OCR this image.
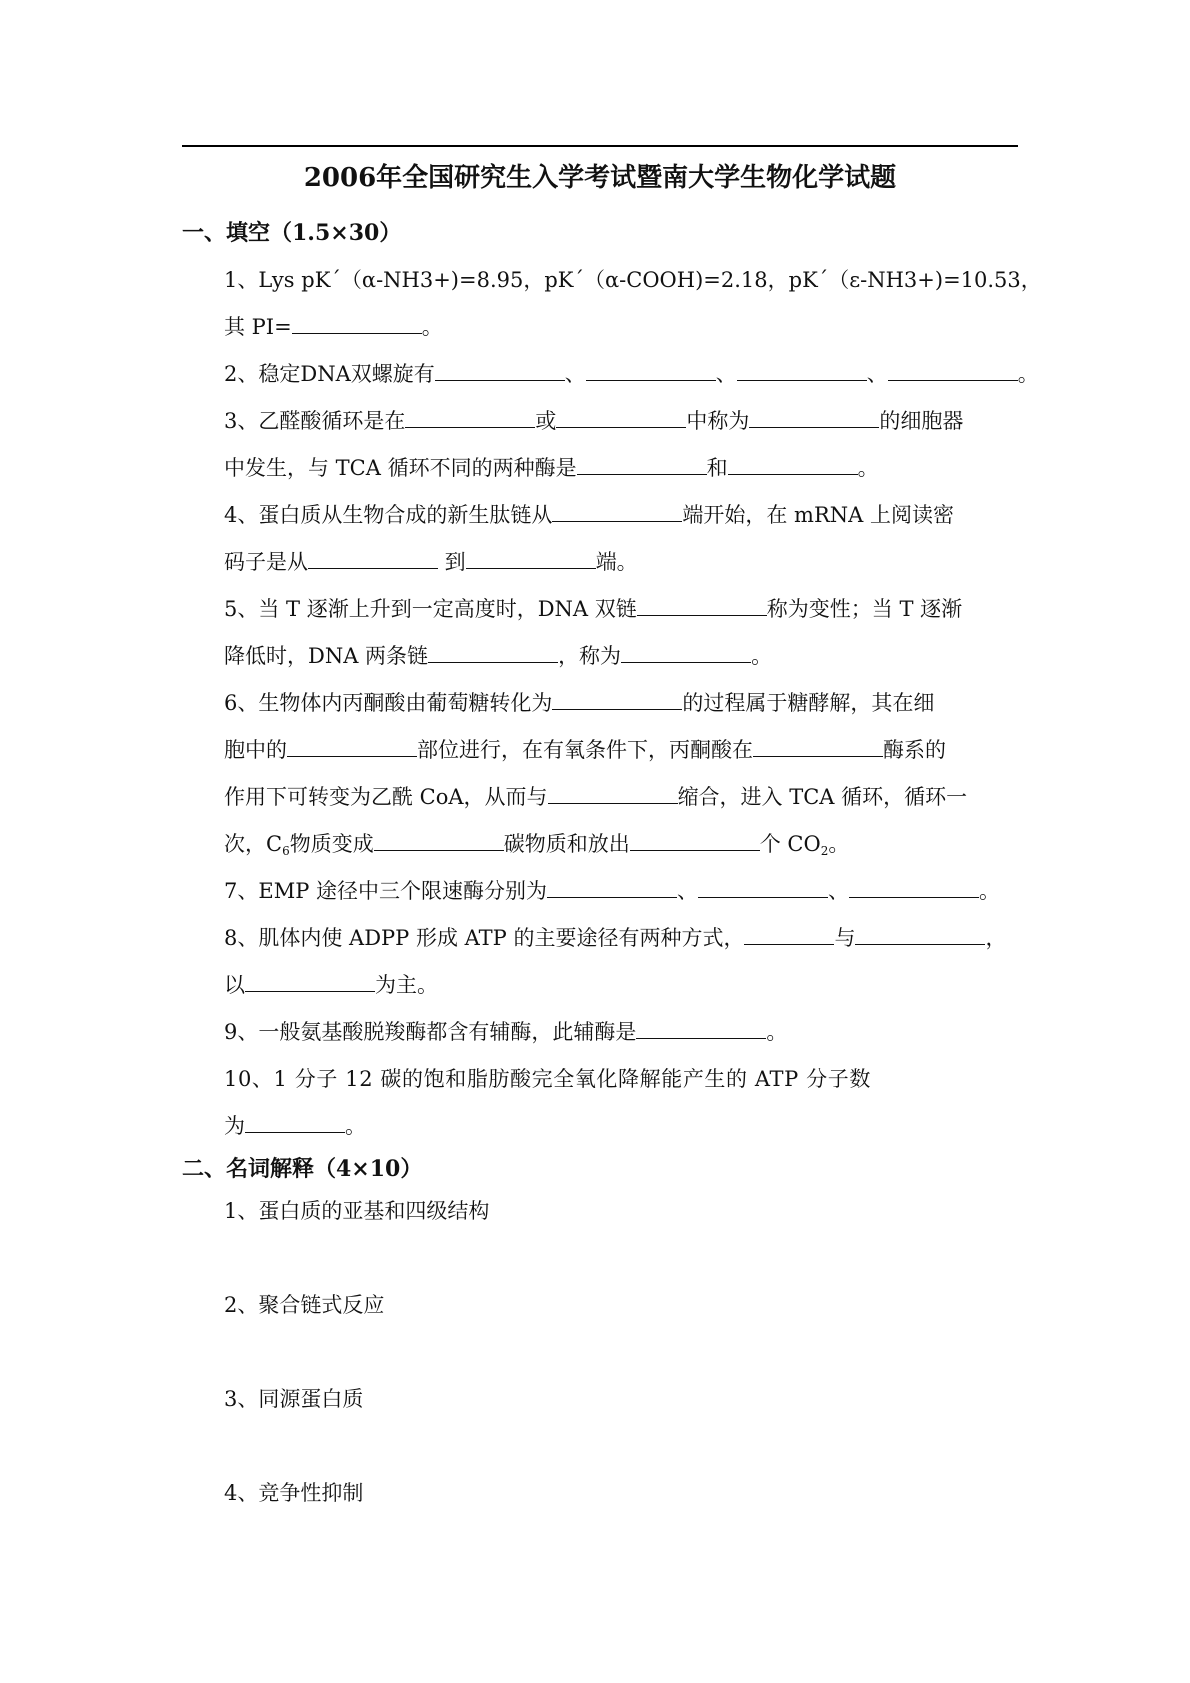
2006年全国研究生入学考试暨南大学生物化学试题
一、填空（1.5×30）
1、Lys pK´（α-NH3+)=8.95，pK´（α-COOH)=2.18，pK´（ε-NH3+)=10.53，
其 PI=	。
2、稳定DNA双螺旋有	、	、	、	。
3、乙醛酸循环是在	或	中称为	的细胞器
中发生，与 TCA 循环不同的两种酶是	和	。
4、蛋白质从生物合成的新生肽链从	端开始，在 mRNA 上阅读密
码子是从	到	端。
5、当 T 逐渐上升到一定高度时，DNA 双链	称为变性；当 T 逐渐
降低时，DNA 两条链	，称为	。
6、生物体内丙酮酸由葡萄糖转化为	的过程属于糖酵解，其在细
胞中的	部位进行，在有氧条件下，丙酮酸在	酶系的
作用下可转变为乙酰 CoA，从而与	缩合，进入 TCA 循环，循环一
次，$C_6$物质变成	碳物质和放出	个 $CO_2$。
7、EMP 途径中三个限速酶分别为	、	、	。
8、肌体内使 ADPP 形成 ATP 的主要途径有两种方式，	与	，
以	为主。
9、一般氨基酸脱羧酶都含有辅酶，此辅酶是	。
10、1 分子 12 碳的饱和脂肪酸完全氧化降解能产生的 ATP 分子数
为	。
二、名词解释（4×10）
1、蛋白质的亚基和四级结构
2、聚合链式反应
3、同源蛋白质
4、竞争性抑制
